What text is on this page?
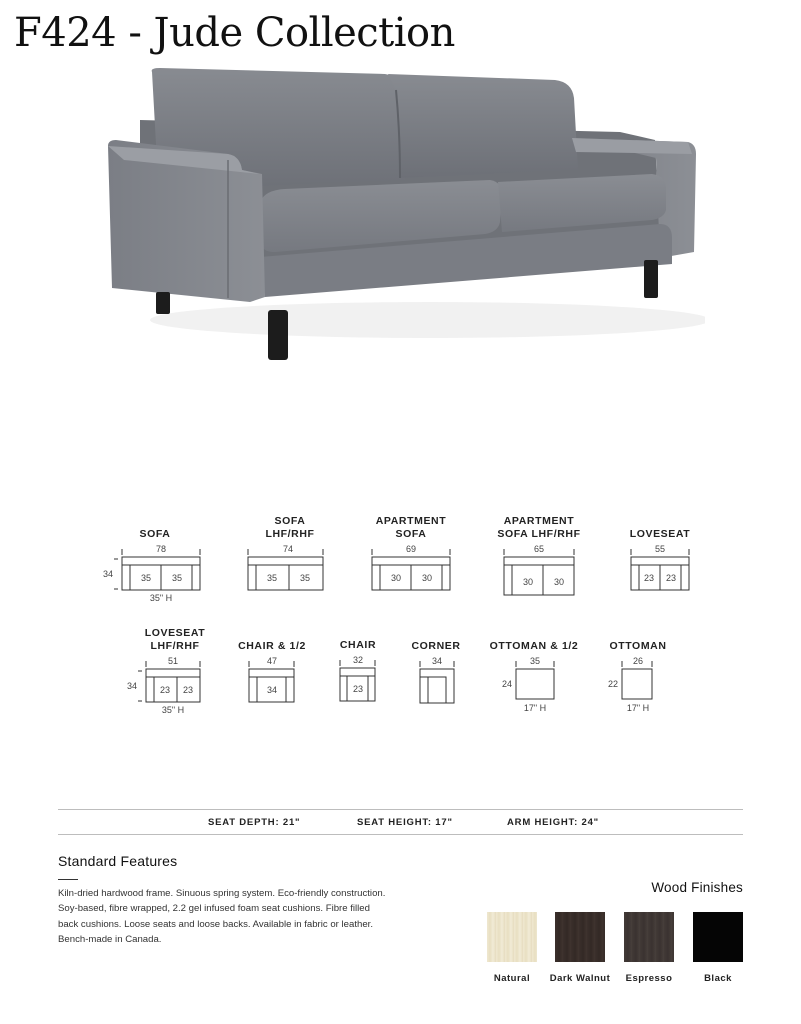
F424 - Jude Collection
SOFA
78
34	35 35
35" H
SOFA
LHF/RHF
74
35	35
APARTMENT
SOFA
69
30 30
APARTMENT
SOFA LHF/RHF
65
30 30
LOVESEAT
55
23 23
LOVESEAT
LHF/RHF
51
34	23 23
35" H
CHAIR & 1/2
47
34
CHAIR
32
23
CORNER
34
OTTOMAN & 1/2
35
24
17" H
OTTOMAN
26
22
17" H
SEAT DEPTH: 21"	SEAT HEIGHT: 17"	ARM HEIGHT: 24"
Standard Features

Kiln-dried hardwood frame. Sinuous spring system. Eco-friendly construction. Soy-based, fibre wrapped, 2.2 gel infused foam seat cushions. Fibre filled back cushions. Loose seats and loose backs. Available in fabric or leather. Bench-made in Canada.

Wood Finishes
Natural	Dark Walnut	Espresso	Black
